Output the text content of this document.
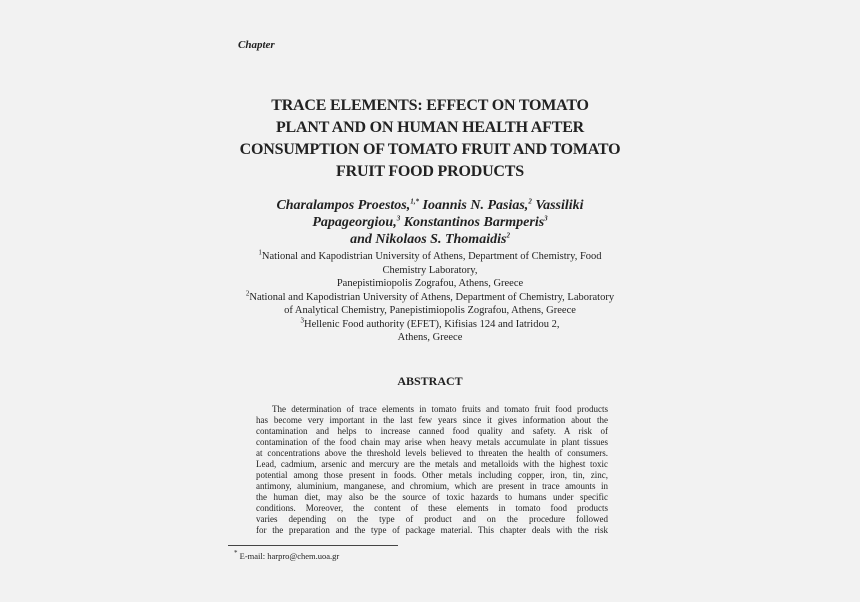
Chapter
TRACE ELEMENTS: EFFECT ON TOMATO
PLANT AND ON HUMAN HEALTH AFTER
CONSUMPTION OF TOMATO FRUIT AND TOMATO
FRUIT FOOD PRODUCTS
Charalampos Proestos,$^{1,*}$ Ioannis N. Pasias,$^2$ Vassiliki
Papageorgiou,$^3$ Konstantinos Barmperis$^3$
and Nikolaos S. Thomaidis$^2$
$^1$National and Kapodistrian University of Athens, Department of Chemistry, Food
Chemistry Laboratory,
Panepistimiopolis Zografou, Athens, Greece
$^2$National and Kapodistrian University of Athens, Department of Chemistry, Laboratory
of Analytical Chemistry, Panepistimiopolis Zografou, Athens, Greece
$^3$Hellenic Food authority (EFET), Kifisias 124 and Iatridou 2,
Athens, Greece
ABSTRACT
The determination of trace elements in tomato fruits and tomato fruit food products
has become very important in the last few years since it gives information about the
contamination and helps to increase canned food quality and safety. A risk of
contamination of the food chain may arise when heavy metals accumulate in plant tissues
at concentrations above the threshold levels believed to threaten the health of consumers.
Lead, cadmium, arsenic and mercury are the metals and metalloids with the highest toxic
potential among those present in foods. Other metals including copper, iron, tin, zinc,
antimony, aluminium, manganese, and chromium, which are present in trace amounts in
the human diet, may also be the source of toxic hazards to humans under specific
conditions. Moreover, the content of these elements in tomato food products
varies depending on the type of product and on the procedure followed
for the preparation and the type of package material. This chapter deals with the risk
* E-mail: harpro@chem.uoa.gr
